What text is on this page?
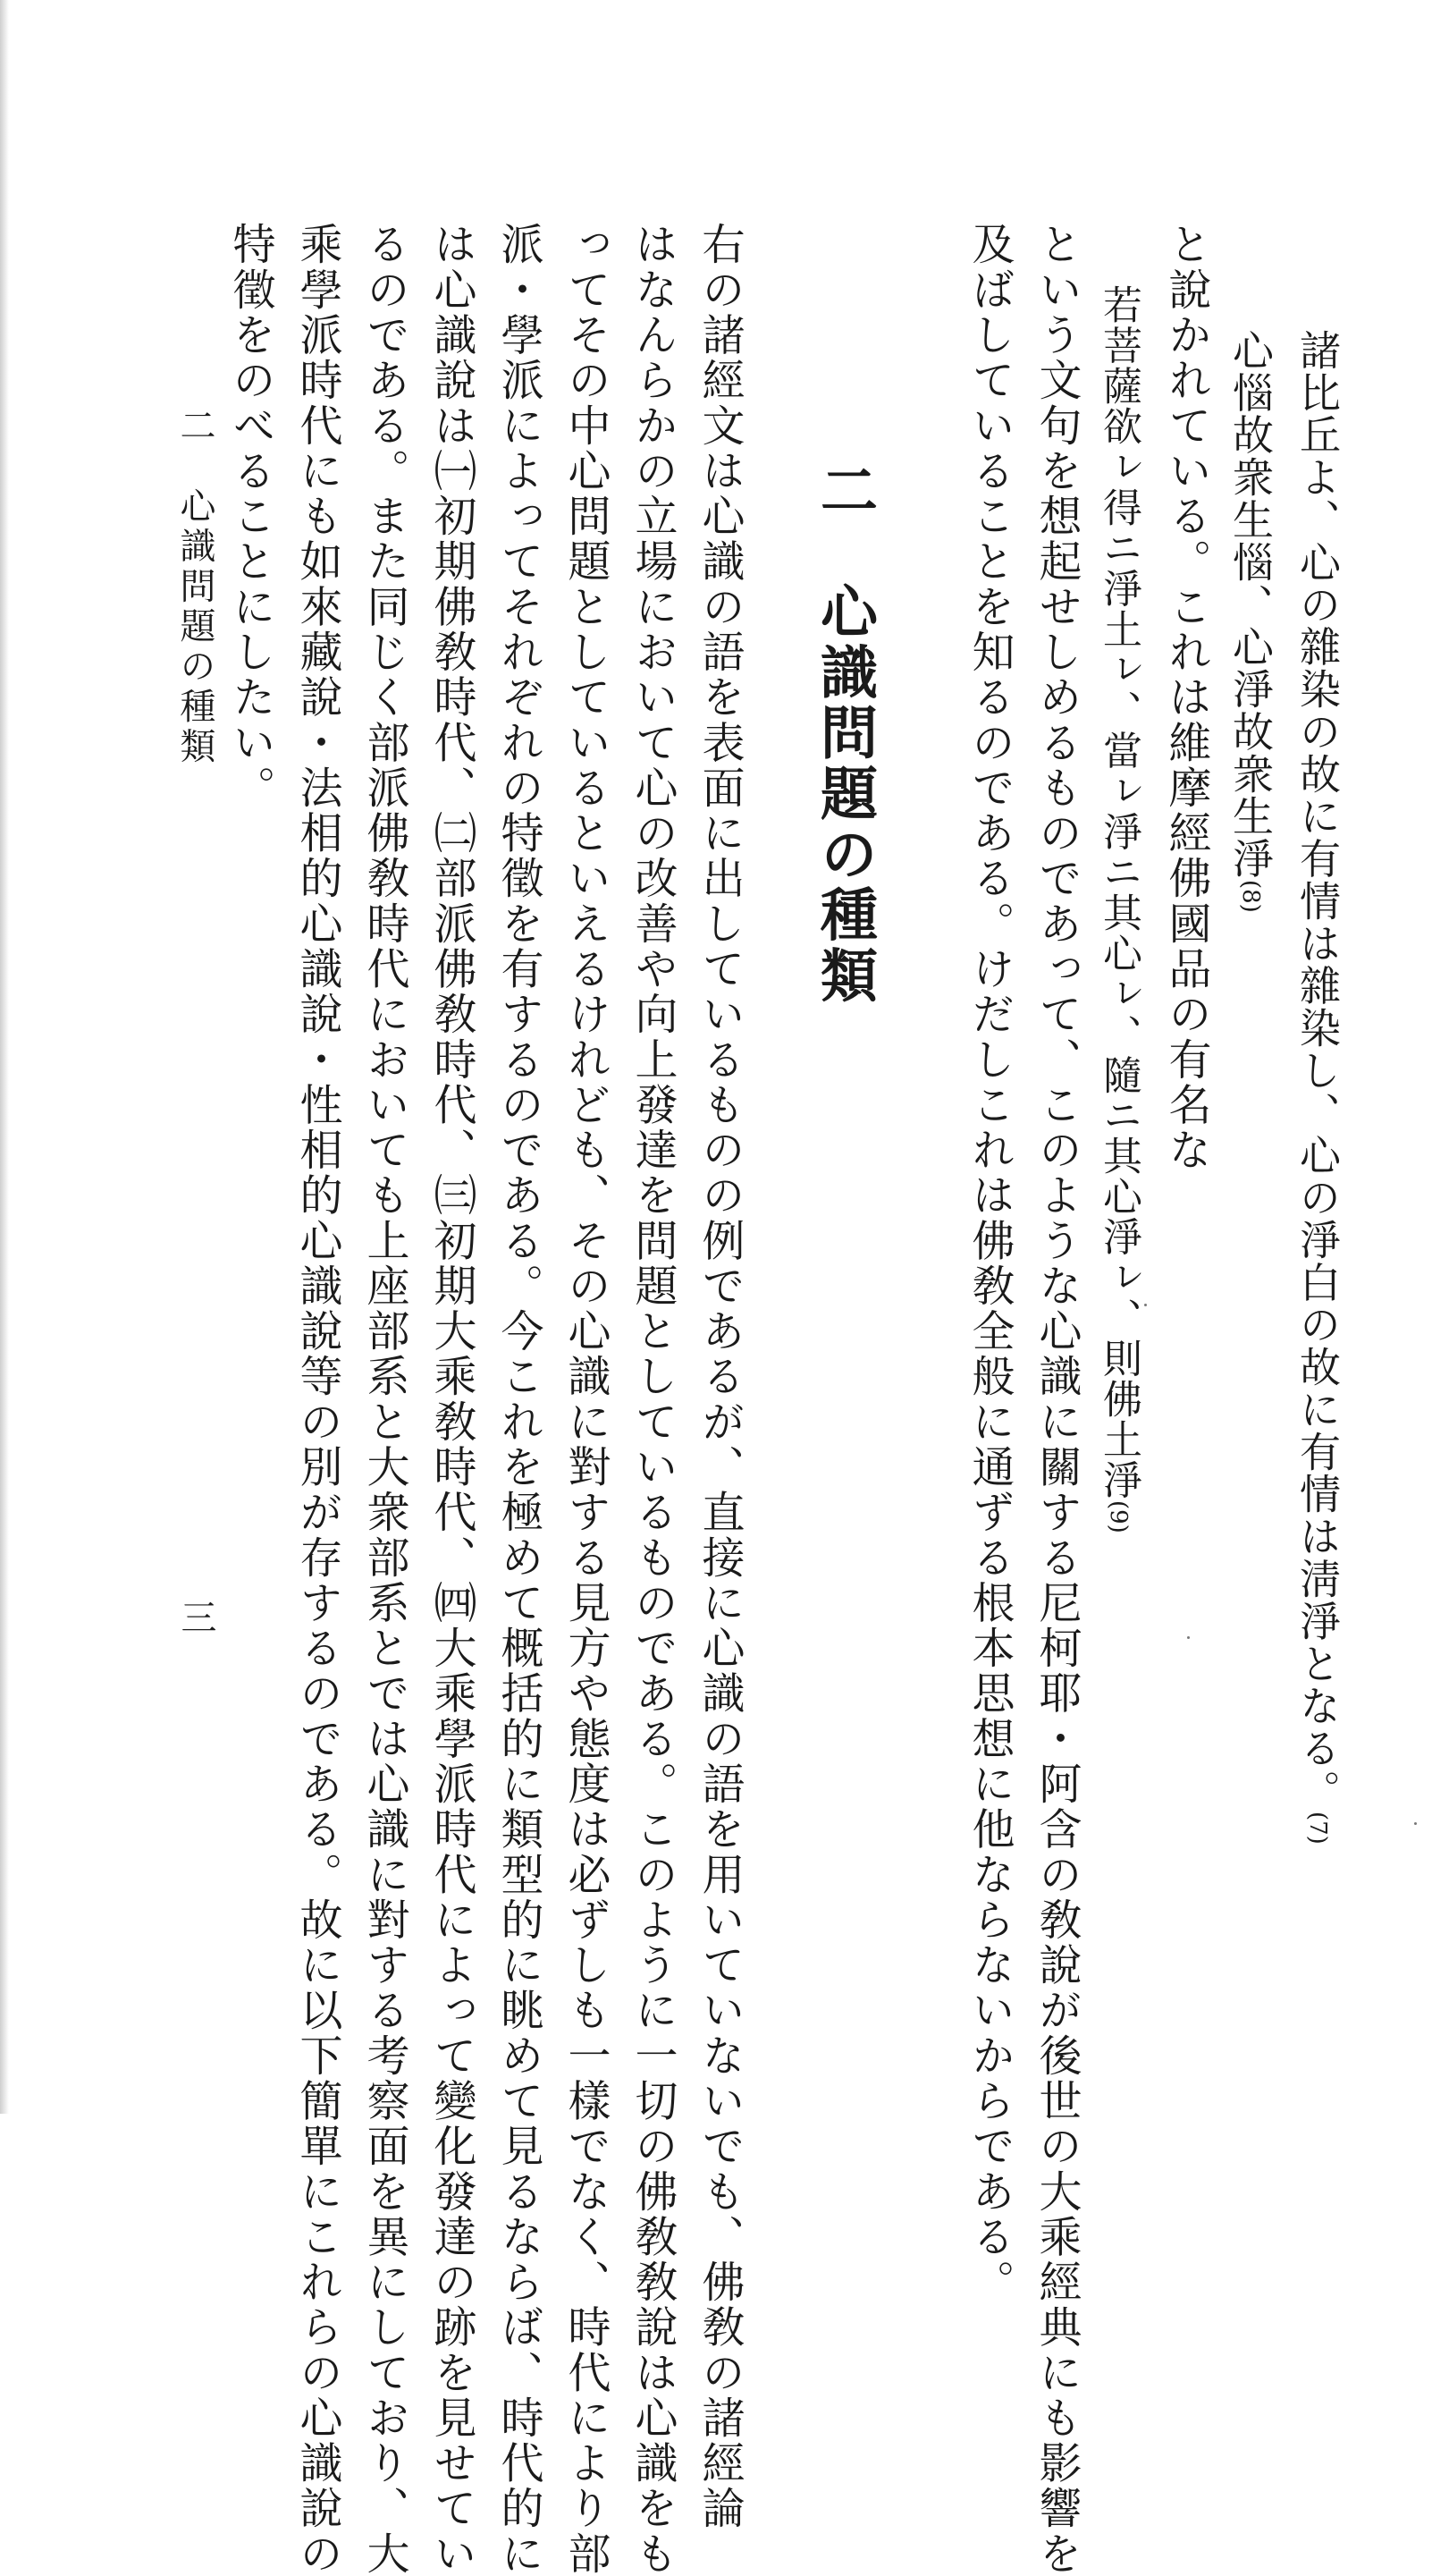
諸比丘よ、心の雜染の故に有情は雜染し、心の淨白の故に有情は淸淨となる。(7)
心惱故衆生惱、心淨故衆生淨(8)
と說かれている。これは維摩經佛國品の有名な
若菩薩欲ㇾ得ニ淨土ㇾ、當ㇾ淨ニ其心ㇾ、隨ニ其心淨ㇾ、則佛土淨(9)
という文句を想起せしめるものであって、このような心識に關する尼柯耶・阿含の敎說が後世の大乘經典にも影響を
及ばしていることを知るのである。けだしこれは佛敎全般に通ずる根本思想に他ならないからである。
二　心識問題の種類
右の諸經文は心識の語を表面に出しているものの例であるが、直接に心識の語を用いていないでも、佛敎の諸經論
はなんらかの立場において心の改善や向上發達を問題としているものである。このように一切の佛敎敎說は心識をも
ってその中心問題としているといえるけれども、その心識に對する見方や態度は必ずしも一樣でなく、時代により部
派・學派によってそれぞれの特徵を有するのである。今これを極めて概括的に類型的に眺めて見るならば、時代的に
は心識說は㈠初期佛敎時代、㈡部派佛敎時代、㈢初期大乘敎時代、㈣大乘學派時代によって變化發達の跡を見せてい
るのである。また同じく部派佛敎時代においても上座部系と大衆部系とでは心識に對する考察面を異にしており、大
乘學派時代にも如來藏說・法相的心識說・性相的心識說等の別が存するのである。故に以下簡單にこれらの心識說の
特徵をのべることにしたい。
二　心識問題の種類
三
